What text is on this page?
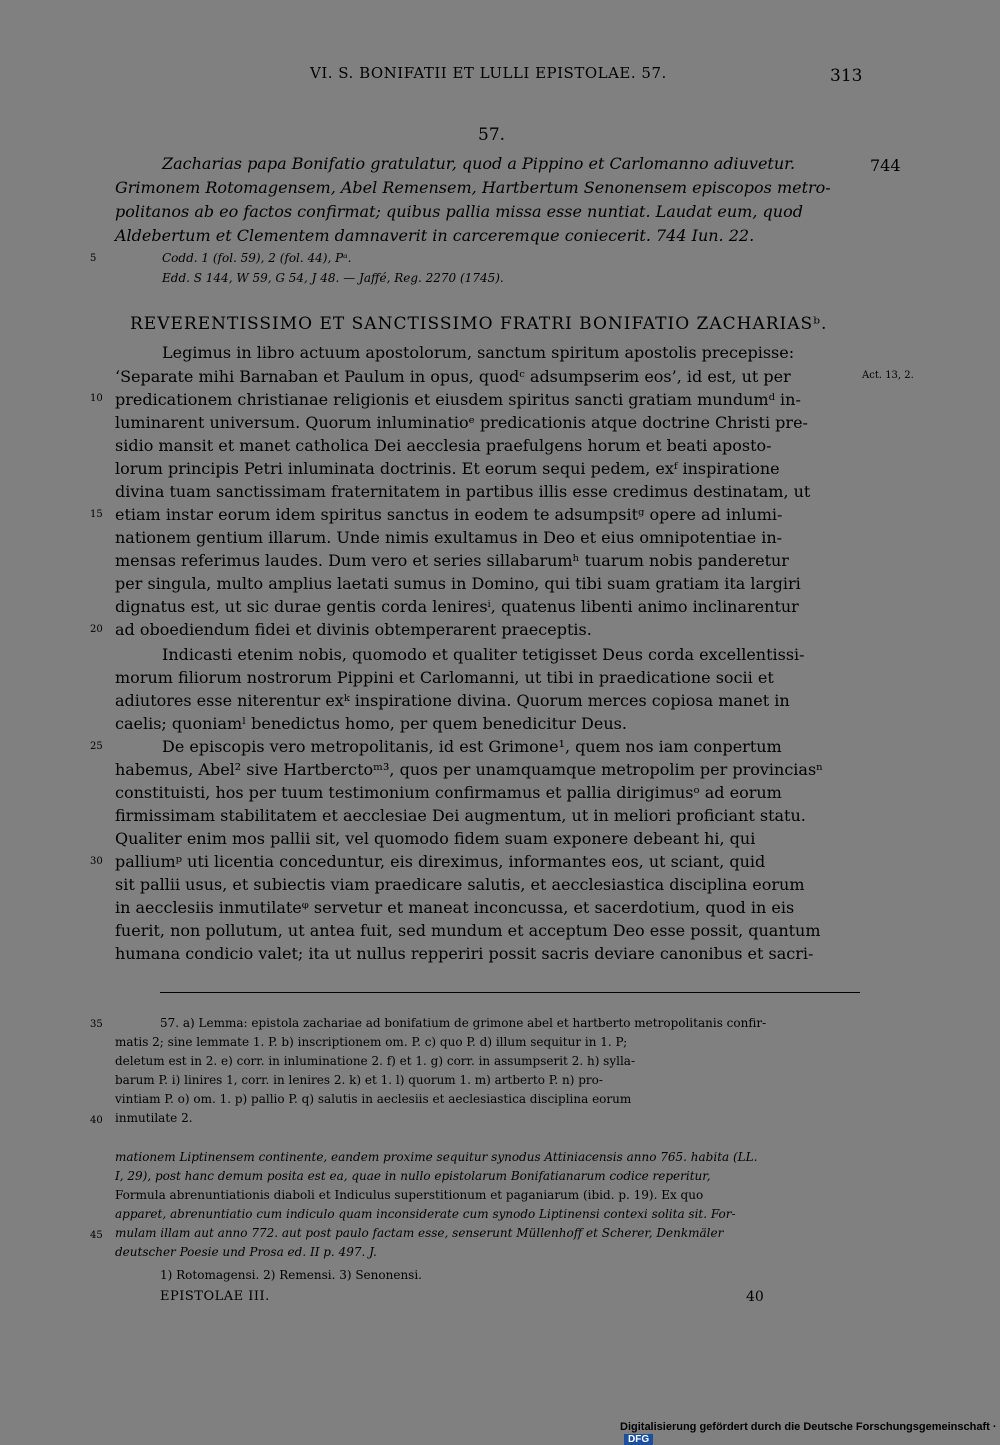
VI. S. BONIFATII ET LULLI EPISTOLAE. 57.	313
57.
Zacharias papa Bonifatio gratulatur, quod a Pippino et Carlomanno adiuvetur.
Grimonem Rotomagensem, Abel Remensem, Hartbertum Senonensem episcopos metro-
politanos ab eo factos confirmat; quibus pallia missa esse nuntiat. Laudat eum, quod
Aldebertum et Clementem damnaverit in carceremque coniecerit. 744 Iun. 22.
744
5	Codd. 1 (fol. 59), 2 (fol. 44), Pᵃ.
Edd. S 144, W 59, G 54, J 48. — Jaffé, Reg. 2270 (1745).
REVERENTISSIMO ET SANCTISSIMO FRATRI BONIFATIO ZACHARIASᵇ.
Legimus in libro actuum apostolorum, sanctum spiritum apostolis precepisse:
‘Separate mihi Barnaban et Paulum in opus, quodᶜ adsumpserim eos’, id est, ut per	Act. 13, 2.
10 predicationem christianae religionis et eiusdem spiritus sancti gratiam mundumᵈ in-
luminarent universum. Quorum inluminatioᵉ predicationis atque doctrine Christi pre-
sidio mansit et manet catholica Dei aecclesia praefulgens horum et beati aposto-
lorum principis Petri inluminata doctrinis. Et eorum sequi pedem, exᶠ inspiratione
divina tuam sanctissimam fraternitatem in partibus illis esse credimus destinatam, ut
15 etiam instar eorum idem spiritus sanctus in eodem te adsumpsitᵍ opere ad inlumi-
nationem gentium illarum. Unde nimis exultamus in Deo et eius omnipotentiae in-
mensas referimus laudes. Dum vero et series sillabarumʰ tuarum nobis panderetur
per singula, multo amplius laetati sumus in Domino, qui tibi suam gratiam ita largiri
dignatus est, ut sic durae gentis corda leniresⁱ, quatenus libenti animo inclinarentur
20 ad oboediendum fidei et divinis obtemperarent praeceptis.
Indicasti etenim nobis, quomodo et qualiter tetigisset Deus corda excellentissi-
morum filiorum nostrorum Pippini et Carlomanni, ut tibi in praedicatione socii et
adiutores esse niterentur exᵏ inspiratione divina. Quorum merces copiosa manet in
caelis; quoniamˡ benedictus homo, per quem benedicitur Deus.
25	De episcopis vero metropolitanis, id est Grimone¹, quem nos iam conpertum
habemus, Abel² sive Hartberctoᵐ³, quos per unamquamque metropolim per provinciasⁿ
constituisti, hos per tuum testimonium confirmamus et pallia dirigimusᵒ ad eorum
firmissimam stabilitatem et aecclesiae Dei augmentum, ut in meliori proficiant statu.
Qualiter enim mos pallii sit, vel quomodo fidem suam exponere debeant hi, qui
30 palliumᵖ uti licentia conceduntur, eis direximus, informantes eos, ut sciant, quid
sit pallii usus, et subiectis viam praedicare salutis, et aecclesiastica disciplina eorum
in aecclesiis inmutilateᵠ servetur et maneat inconcussa, et sacerdotium, quod in eis
fuerit, non pollutum, ut antea fuit, sed mundum et acceptum Deo esse possit, quantum
humana condicio valet; ita ut nullus repperiri possit sacris deviare canonibus et sacri-
35	57. a) Lemma: epistola zachariae ad bonifatium de grimone abel et hartberto metropolitanis confir-
matis 2; sine lemmate 1. P. b) inscriptionem om. P. c) quo P. d) illum sequitur in 1. P;
deletum est in 2. e) corr. in inluminatione 2. f) et 1. g) corr. in assumpserit 2. h) sylla-
barum P. i) linires 1, corr. in lenires 2. k) et 1. l) quorum 1. m) artberto P. n) pro-
vintiam P. o) om. 1. p) pallio P. q) salutis in aeclesiis et aeclesiastica disciplina eorum
40 inmutilate 2.
mationem Liptinensem continente, eandem proxime sequitur synodus Attiniacensis anno 765. habita (LL.
I, 29), post hanc demum posita est ea, quae in nullo epistolarum Bonifatianarum codice reperitur,
Formula abrenuntiationis diaboli et Indiculus superstitionum et paganiarum (ibid. p. 19). Ex quo
apparet, abrenuntiatio cum indiculo quam inconsiderate cum synodo Liptinensi contexi solita sit. For-
45 mulam illam aut anno 772. aut post paulo factam esse, senserunt Müllenhoff et Scherer, Denkmäler
deutscher Poesie und Prosa ed. II p. 497. J.
1) Rotomagensi. 2) Remensi. 3) Senonensi.
EPISTOLAE III.	40
Digitalisierung gefördert durch die Deutsche Forschungsgemeinschaft · DFG
